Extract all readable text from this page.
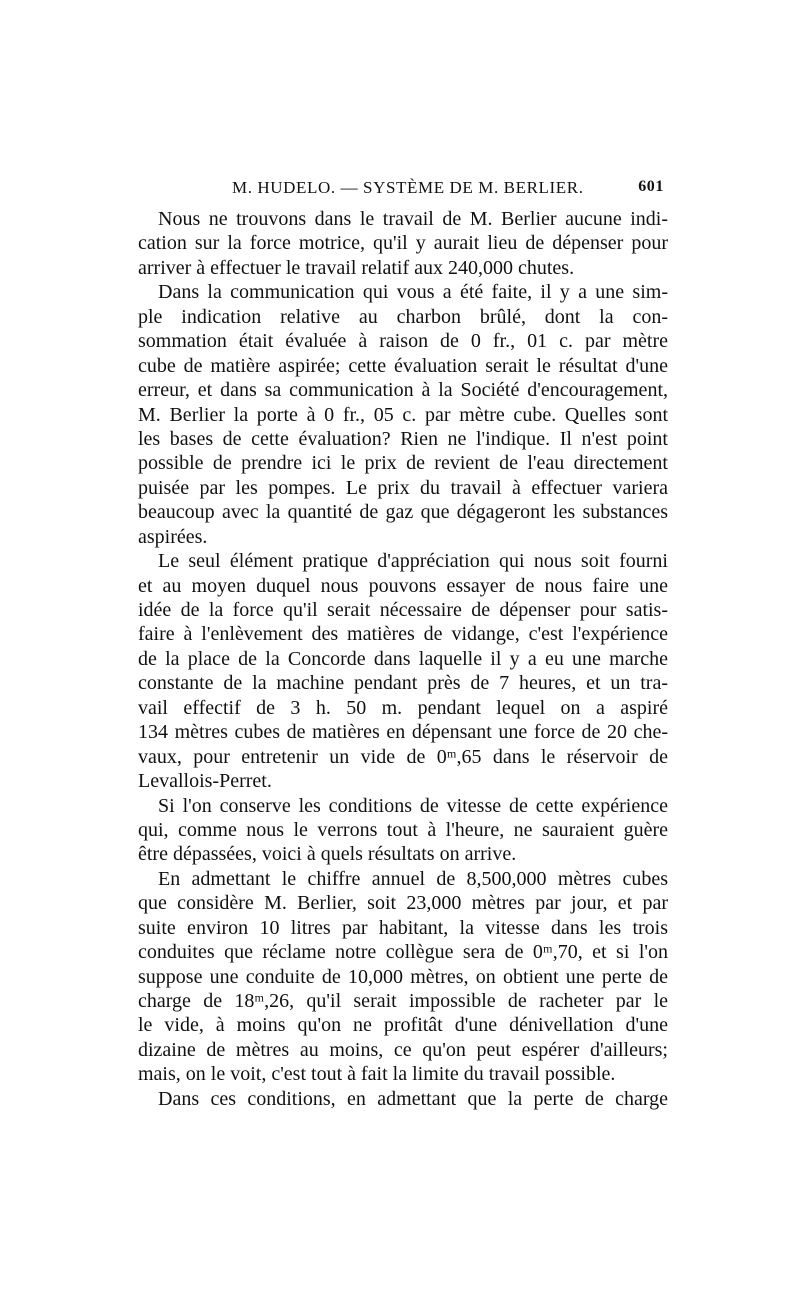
M. HUDELO. — SYSTÈME DE M. BERLIER.	601
Nous ne trouvons dans le travail de M. Berlier aucune indi-
cation sur la force motrice, qu'il y aurait lieu de dépenser pour
arriver à effectuer le travail relatif aux 240,000 chutes.
Dans la communication qui vous a été faite, il y a une sim-
ple indication relative au charbon brûlé, dont la con-
sommation était évaluée à raison de 0 fr., 01 c. par mètre
cube de matière aspirée; cette évaluation serait le résultat d'une
erreur, et dans sa communication à la Société d'encouragement,
M. Berlier la porte à 0 fr., 05 c. par mètre cube. Quelles sont
les bases de cette évaluation? Rien ne l'indique. Il n'est point
possible de prendre ici le prix de revient de l'eau directement
puisée par les pompes. Le prix du travail à effectuer variera
beaucoup avec la quantité de gaz que dégageront les substances
aspirées.
Le seul élément pratique d'appréciation qui nous soit fourni
et au moyen duquel nous pouvons essayer de nous faire une
idée de la force qu'il serait nécessaire de dépenser pour satis-
faire à l'enlèvement des matières de vidange, c'est l'expérience
de la place de la Concorde dans laquelle il y a eu une marche
constante de la machine pendant près de 7 heures, et un tra-
vail effectif de 3 h. 50 m. pendant lequel on a aspiré
134 mètres cubes de matières en dépensant une force de 20 che-
vaux, pour entretenir un vide de 0ᵐ,65 dans le réservoir de
Levallois-Perret.
Si l'on conserve les conditions de vitesse de cette expérience
qui, comme nous le verrons tout à l'heure, ne sauraient guère
être dépassées, voici à quels résultats on arrive.
En admettant le chiffre annuel de 8,500,000 mètres cubes
que considère M. Berlier, soit 23,000 mètres par jour, et par
suite environ 10 litres par habitant, la vitesse dans les trois
conduites que réclame notre collègue sera de 0ᵐ,70, et si l'on
suppose une conduite de 10,000 mètres, on obtient une perte de
charge de 18ᵐ,26, qu'il serait impossible de racheter par le
le vide, à moins qu'on ne profitât d'une dénivellation d'une
dizaine de mètres au moins, ce qu'on peut espérer d'ailleurs;
mais, on le voit, c'est tout à fait la limite du travail possible.
Dans ces conditions, en admettant que la perte de charge
